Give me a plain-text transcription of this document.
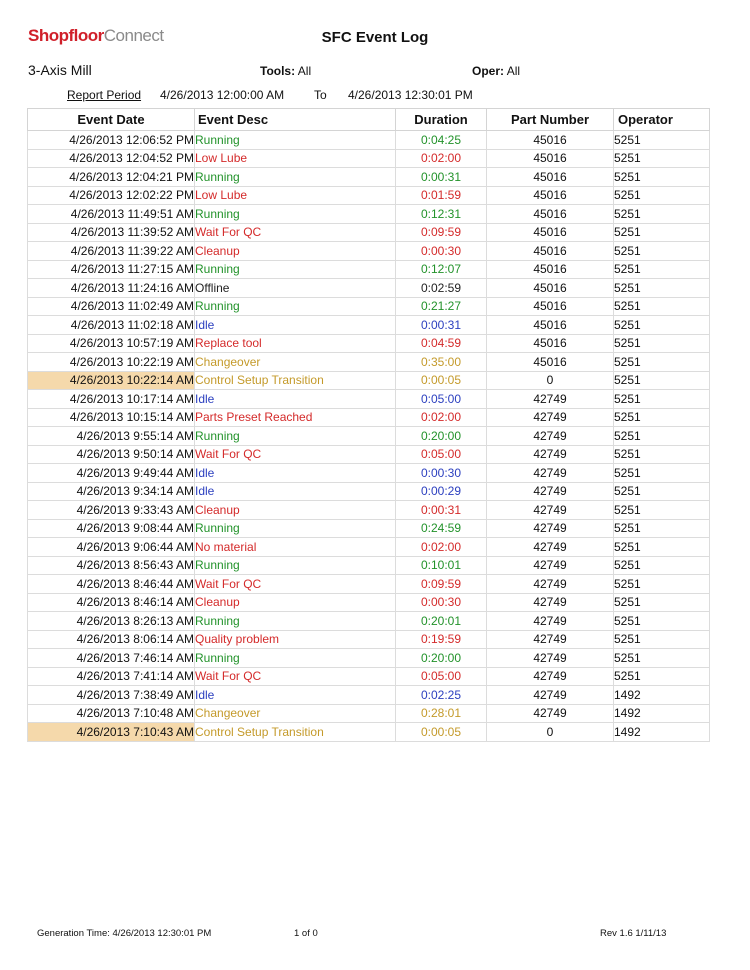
ShopfloorConnect	SFC Event Log
3-Axis Mill	Tools: All	Oper: All
Report Period 4/26/2013 12:00:00 AM To 4/26/2013 12:30:01 PM
Event Date	Event Desc	Duration	Part Number	Operator
4/26/2013 12:06:52 PM	Running	0:04:25	45016	5251
4/26/2013 12:04:52 PM	Low Lube	0:02:00	45016	5251
4/26/2013 12:04:21 PM	Running	0:00:31	45016	5251
4/26/2013 12:02:22 PM	Low Lube	0:01:59	45016	5251
4/26/2013 11:49:51 AM	Running	0:12:31	45016	5251
4/26/2013 11:39:52 AM	Wait For QC	0:09:59	45016	5251
4/26/2013 11:39:22 AM	Cleanup	0:00:30	45016	5251
4/26/2013 11:27:15 AM	Running	0:12:07	45016	5251
4/26/2013 11:24:16 AM	Offline	0:02:59	45016	5251
4/26/2013 11:02:49 AM	Running	0:21:27	45016	5251
4/26/2013 11:02:18 AM	Idle	0:00:31	45016	5251
4/26/2013 10:57:19 AM	Replace tool	0:04:59	45016	5251
4/26/2013 10:22:19 AM	Changeover	0:35:00	45016	5251
4/26/2013 10:22:14 AM	Control Setup Transition	0:00:05	0	5251
4/26/2013 10:17:14 AM	Idle	0:05:00	42749	5251
4/26/2013 10:15:14 AM	Parts Preset Reached	0:02:00	42749	5251
4/26/2013 9:55:14 AM	Running	0:20:00	42749	5251
4/26/2013 9:50:14 AM	Wait For QC	0:05:00	42749	5251
4/26/2013 9:49:44 AM	Idle	0:00:30	42749	5251
4/26/2013 9:34:14 AM	Idle	0:00:29	42749	5251
4/26/2013 9:33:43 AM	Cleanup	0:00:31	42749	5251
4/26/2013 9:08:44 AM	Running	0:24:59	42749	5251
4/26/2013 9:06:44 AM	No material	0:02:00	42749	5251
4/26/2013 8:56:43 AM	Running	0:10:01	42749	5251
4/26/2013 8:46:44 AM	Wait For QC	0:09:59	42749	5251
4/26/2013 8:46:14 AM	Cleanup	0:00:30	42749	5251
4/26/2013 8:26:13 AM	Running	0:20:01	42749	5251
4/26/2013 8:06:14 AM	Quality problem	0:19:59	42749	5251
4/26/2013 7:46:14 AM	Running	0:20:00	42749	5251
4/26/2013 7:41:14 AM	Wait For QC	0:05:00	42749	5251
4/26/2013 7:38:49 AM	Idle	0:02:25	42749	1492
4/26/2013 7:10:48 AM	Changeover	0:28:01	42749	1492
4/26/2013 7:10:43 AM	Control Setup Transition	0:00:05	0	1492
Generation Time: 4/26/2013 12:30:01 PM	1 of 0	Rev 1.6 1/11/13
